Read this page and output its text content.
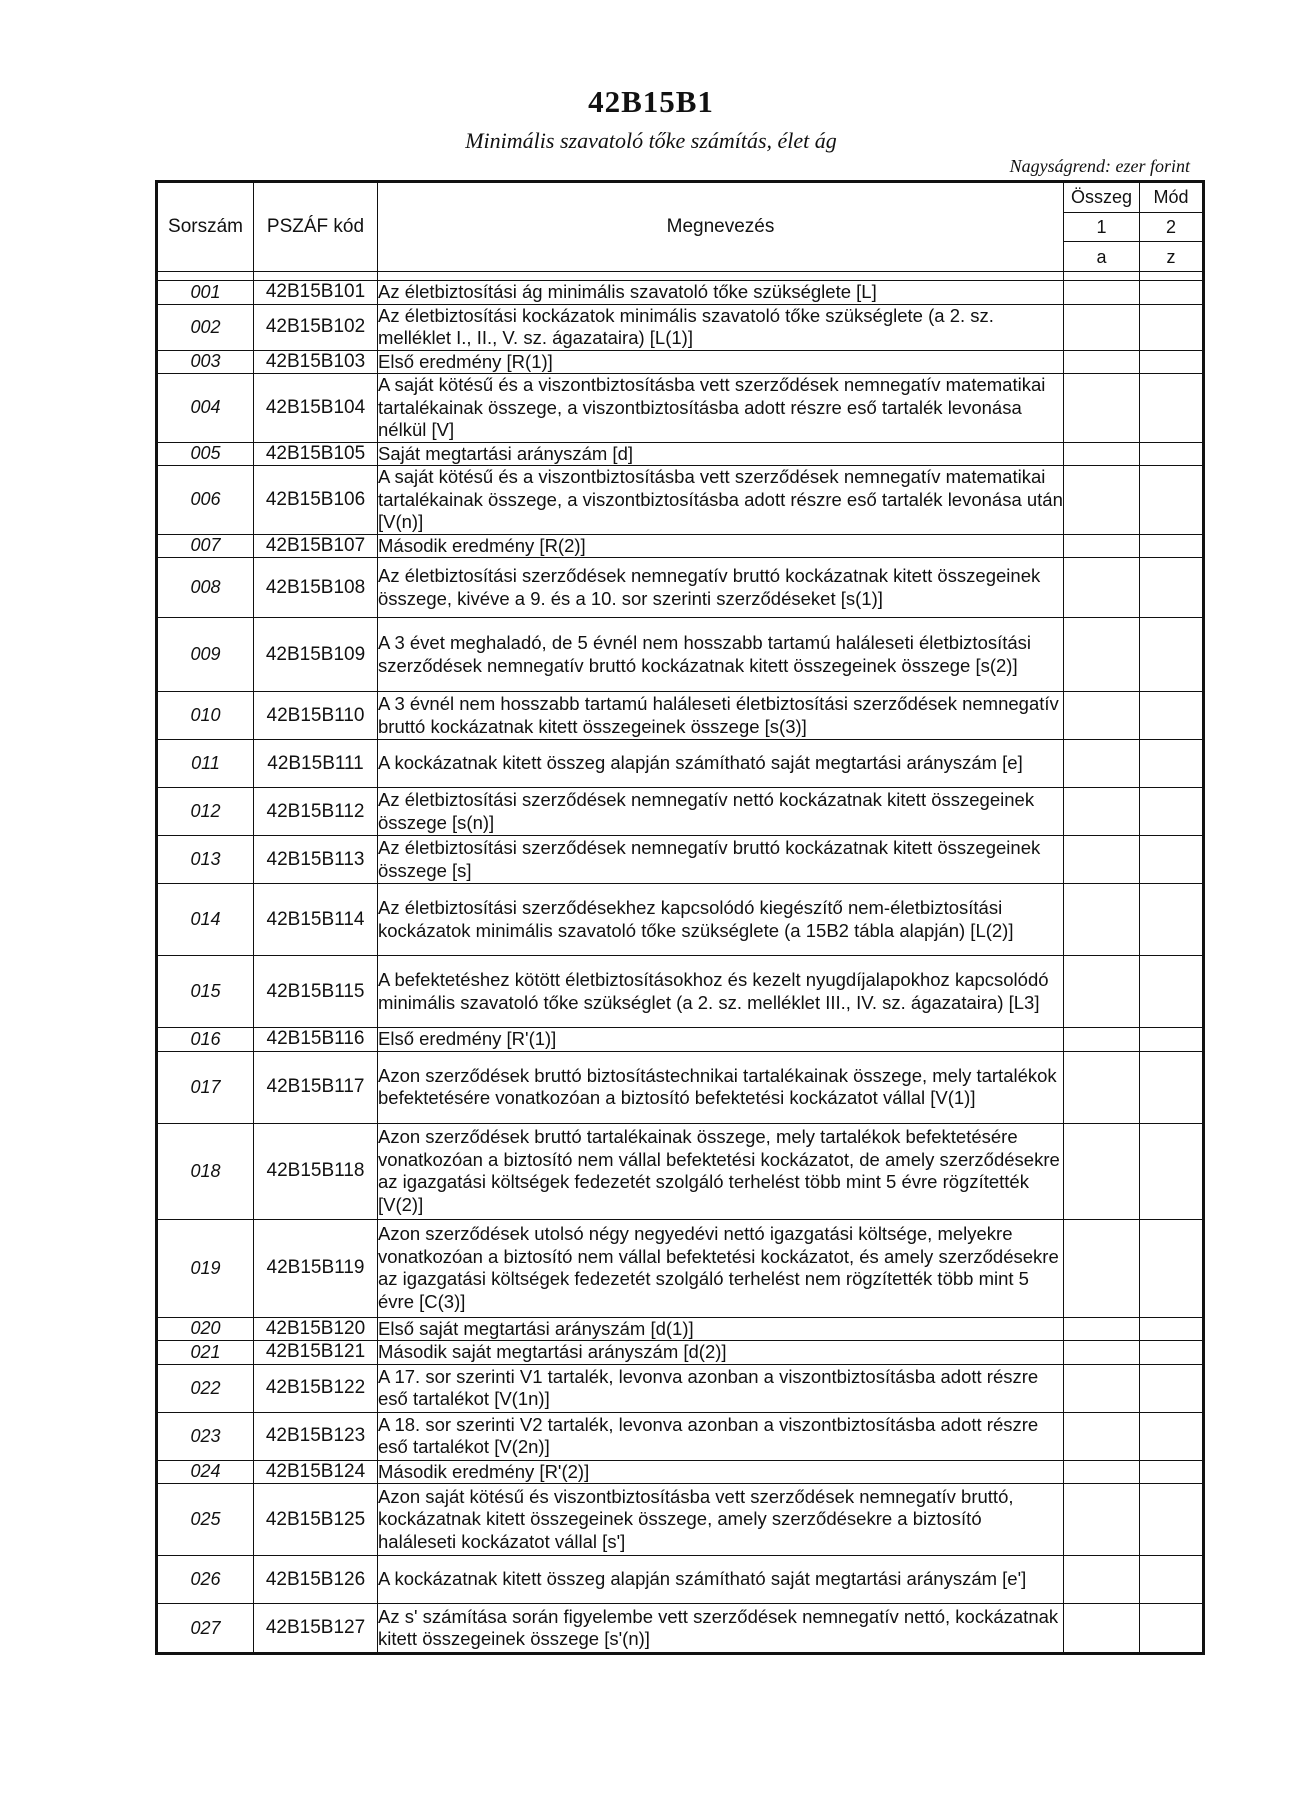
42B15B1
Minimális szavatoló tőke számítás, élet ág
Nagyságrend: ezer forint
Sorszám	PSZÁF kód	Megnevezés	Összeg	Mód
			1	2
			a	z

001	42B15B101	Az életbiztosítási ág minimális szavatoló tőke szükséglete [L]		
002	42B15B102	Az életbiztosítási kockázatok minimális szavatoló tőke szükséglete (a 2. sz. melléklet I., II., V. sz. ágazataira) [L(1)]		
003	42B15B103	Első eredmény [R(1)]		
004	42B15B104	A saját kötésű és a viszontbiztosításba vett szerződések nemnegatív matematikai tartalékainak összege, a viszontbiztosításba adott részre eső tartalék levonása nélkül [V]		
005	42B15B105	Saját megtartási arányszám [d]		
006	42B15B106	A saját kötésű és a viszontbiztosításba vett szerződések nemnegatív matematikai tartalékainak összege, a viszontbiztosításba adott részre eső tartalék levonása után [V(n)]		
007	42B15B107	Második eredmény [R(2)]		
008	42B15B108	Az életbiztosítási szerződések nemnegatív bruttó kockázatnak kitett összegeinek összege, kivéve a 9. és a 10. sor szerinti szerződéseket [s(1)]		
009	42B15B109	A 3 évet meghaladó, de 5 évnél nem hosszabb tartamú haláleseti életbiztosítási szerződések nemnegatív bruttó kockázatnak kitett összegeinek összege [s(2)]		
010	42B15B110	A 3 évnél nem hosszabb tartamú haláleseti életbiztosítási szerződések nemnegatív bruttó kockázatnak kitett összegeinek összege [s(3)]		
011	42B15B111	A kockázatnak kitett összeg alapján számítható saját megtartási arányszám [e]		
012	42B15B112	Az életbiztosítási szerződések nemnegatív nettó kockázatnak kitett összegeinek összege [s(n)]		
013	42B15B113	Az életbiztosítási szerződések nemnegatív bruttó kockázatnak kitett összegeinek összege [s]		
014	42B15B114	Az életbiztosítási szerződésekhez kapcsolódó kiegészítő nem-életbiztosítási kockázatok minimális szavatoló tőke szükséglete (a 15B2 tábla alapján) [L(2)]		
015	42B15B115	A befektetéshez kötött életbiztosításokhoz és kezelt nyugdíjalapokhoz kapcsolódó minimális szavatoló tőke szükséglet (a 2. sz. melléklet III., IV. sz. ágazataira) [L3]		
016	42B15B116	Első eredmény [R'(1)]		
017	42B15B117	Azon szerződések bruttó biztosítástechnikai tartalékainak összege, mely tartalékok befektetésére vonatkozóan a biztosító befektetési kockázatot vállal [V(1)]		
018	42B15B118	Azon szerződések bruttó tartalékainak összege, mely tartalékok befektetésére vonatkozóan a biztosító nem vállal befektetési kockázatot, de amely szerződésekre az igazgatási költségek fedezetét szolgáló terhelést több mint 5 évre rögzítették [V(2)]		
019	42B15B119	Azon szerződések utolsó négy negyedévi nettó igazgatási költsége, melyekre vonatkozóan a biztosító nem vállal befektetési kockázatot, és amely szerződésekre az igazgatási költségek fedezetét szolgáló terhelést nem rögzítették több mint 5 évre [C(3)]		
020	42B15B120	Első saját megtartási arányszám [d(1)]		
021	42B15B121	Második saját megtartási arányszám [d(2)]		
022	42B15B122	A 17. sor szerinti V1 tartalék, levonva azonban a viszontbiztosításba adott részre eső tartalékot [V(1n)]		
023	42B15B123	A 18. sor szerinti V2 tartalék, levonva azonban a viszontbiztosításba adott részre eső tartalékot [V(2n)]		
024	42B15B124	Második eredmény [R'(2)]		
025	42B15B125	Azon saját kötésű és viszontbiztosításba vett szerződések nemnegatív bruttó, kockázatnak kitett összegeinek összege, amely szerződésekre a biztosító haláleseti kockázatot vállal [s']		
026	42B15B126	A kockázatnak kitett összeg alapján számítható saját megtartási arányszám [e']		
027	42B15B127	Az s' számítása során figyelembe vett szerződések nemnegatív nettó, kockázatnak kitett összegeinek összege [s'(n)]		
